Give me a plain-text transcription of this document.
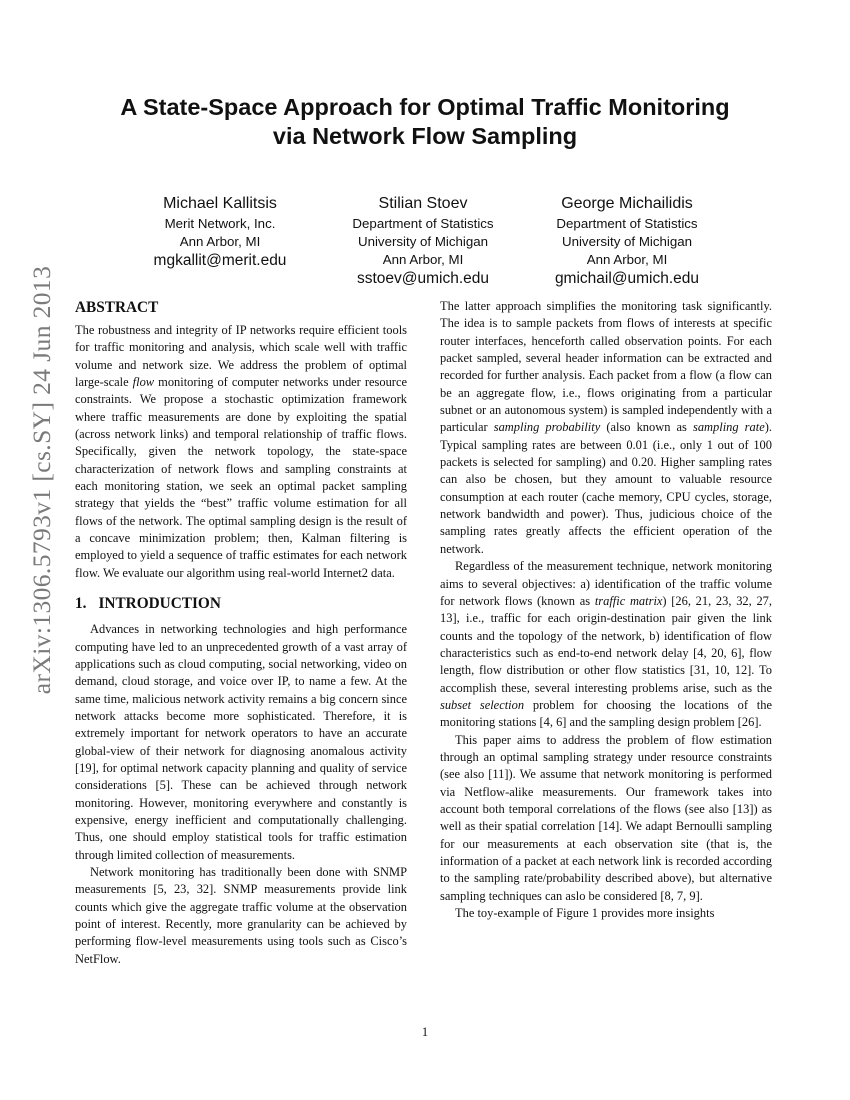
arXiv:1306.5793v1 [cs.SY] 24 Jun 2013
A State-Space Approach for Optimal Traffic Monitoring
via Network Flow Sampling
Michael Kallitsis
Merit Network, Inc.
Ann Arbor, MI
mgkallit@merit.edu
Stilian Stoev
Department of Statistics
University of Michigan
Ann Arbor, MI
sstoev@umich.edu
George Michailidis
Department of Statistics
University of Michigan
Ann Arbor, MI
gmichail@umich.edu
ABSTRACT

The robustness and integrity of IP networks require efficient tools for traffic monitoring and analysis, which scale well with traffic volume and network size. We address the problem of optimal large-scale flow monitoring of computer networks under resource constraints. We propose a stochastic optimization framework where traffic measurements are done by exploiting the spatial (across network links) and temporal relationship of traffic flows. Specifically, given the network topology, the state-space characterization of network flows and sampling constraints at each monitoring station, we seek an optimal packet sampling strategy that yields the “best” traffic volume estimation for all flows of the network. The optimal sampling design is the result of a concave minimization problem; then, Kalman filtering is employed to yield a sequence of traffic estimates for each network flow. We evaluate our algorithm using real-world Internet2 data.

1. INTRODUCTION

Advances in networking technologies and high performance computing have led to an unprecedented growth of a vast array of applications such as cloud computing, social networking, video on demand, cloud storage, and voice over IP, to name a few. At the same time, malicious network activity remains a big concern since network attacks become more sophisticated. Therefore, it is extremely important for network operators to have an accurate global-view of their network for diagnosing anomalous activity [19], for optimal network capacity planning and quality of service considerations [5]. These can be achieved through network monitoring. However, monitoring everywhere and constantly is expensive, energy inefficient and computationally challenging. Thus, one should employ statistical tools for traffic estimation through limited collection of measurements.

Network monitoring has traditionally been done with SNMP measurements [5, 23, 32]. SNMP measurements provide link counts which give the aggregate traffic volume at the observation point of interest. Recently, more granularity can be achieved by performing flow-level measurements using tools such as Cisco’s NetFlow.

The latter approach simplifies the monitoring task significantly. The idea is to sample packets from flows of interests at specific router interfaces, henceforth called observation points. For each packet sampled, several header information can be extracted and recorded for further analysis. Each packet from a flow (a flow can be an aggregate flow, i.e., flows originating from a particular subnet or an autonomous system) is sampled independently with a particular sampling probability (also known as sampling rate). Typical sampling rates are between 0.01 (i.e., only 1 out of 100 packets is selected for sampling) and 0.20. Higher sampling rates can also be chosen, but they amount to valuable resource consumption at each router (cache memory, CPU cycles, storage, network bandwidth and power). Thus, judicious choice of the sampling rates greatly affects the efficient operation of the network.

Regardless of the measurement technique, network monitoring aims to several objectives: a) identification of the traffic volume for network flows (known as traffic matrix) [26, 21, 23, 32, 27, 13], i.e., traffic for each origin-destination pair given the link counts and the topology of the network, b) identification of flow characteristics such as end-to-end network delay [4, 20, 6], flow length, flow distribution or other flow statistics [31, 10, 12]. To accomplish these, several interesting problems arise, such as the subset selection problem for choosing the locations of the monitoring stations [4, 6] and the sampling design problem [26].

This paper aims to address the problem of flow estimation through an optimal sampling strategy under resource constraints (see also [11]). We assume that network monitoring is performed via Netflow-alike measurements. Our framework takes into account both temporal correlations of the flows (see also [13]) as well as their spatial correlation [14]. We adapt Bernoulli sampling for our measurements at each observation site (that is, the information of a packet at each network link is recorded according to the sampling rate/probability described above), but alternative sampling techniques can aslo be considered [8, 7, 9].

The toy-example of Figure 1 provides more insights

1
